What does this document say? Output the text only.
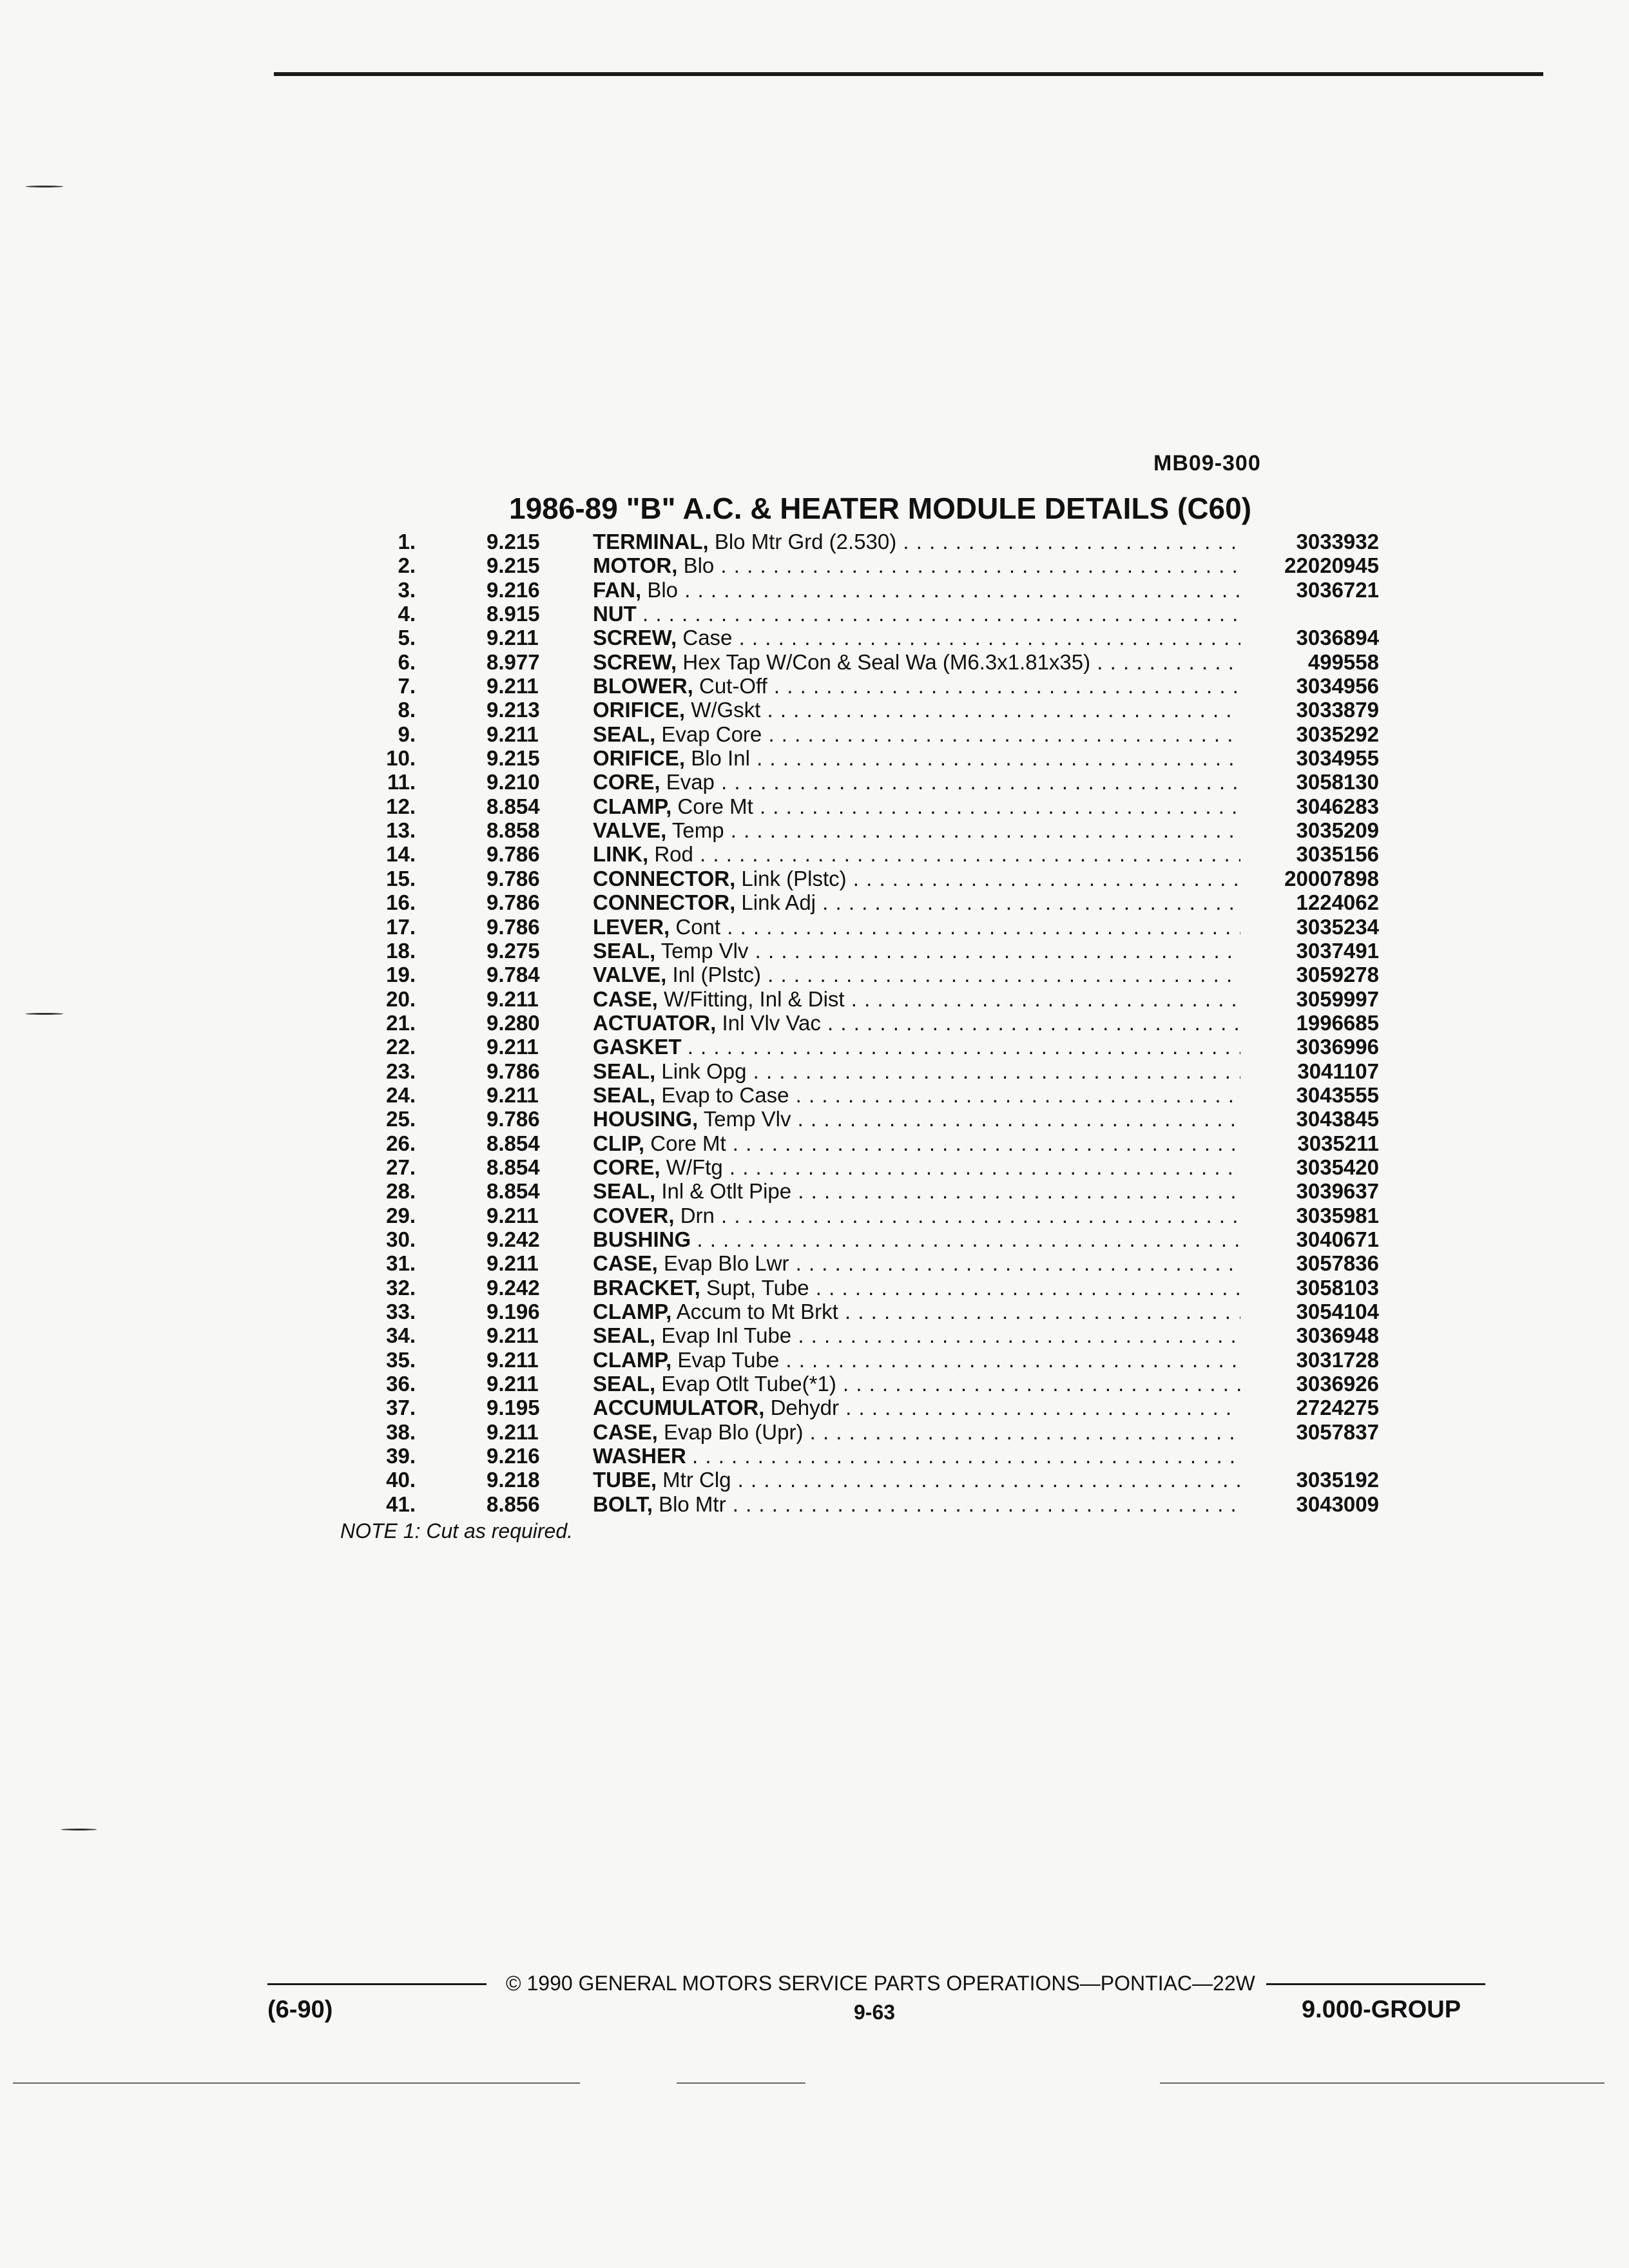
MB09-300
1986-89 "B" A.C. & HEATER MODULE DETAILS (C60)
1.	9.215	TERMINAL, Blo Mtr Grd (2.530) . . .	3033932
2.	9.215	MOTOR, Blo . . .	22020945
3.	9.216	FAN, Blo . . .	3036721
4.	8.915	NUT . . .
5.	9.211	SCREW, Case . . .	3036894
6.	8.977	SCREW, Hex Tap W/Con & Seal Wa (M6.3x1.81x35) . . .	499558
7.	9.211	BLOWER, Cut-Off . . .	3034956
8.	9.213	ORIFICE, W/Gskt . . .	3033879
9.	9.211	SEAL, Evap Core . . .	3035292
10.	9.215	ORIFICE, Blo Inl . . .	3034955
11.	9.210	CORE, Evap . . .	3058130
12.	8.854	CLAMP, Core Mt . . .	3046283
13.	8.858	VALVE, Temp . . .	3035209
14.	9.786	LINK, Rod . . .	3035156
15.	9.786	CONNECTOR, Link (Plstc) . . .	20007898
16.	9.786	CONNECTOR, Link Adj . . .	1224062
17.	9.786	LEVER, Cont . . .	3035234
18.	9.275	SEAL, Temp Vlv . . .	3037491
19.	9.784	VALVE, Inl (Plstc) . . .	3059278
20.	9.211	CASE, W/Fitting, Inl & Dist . . .	3059997
21.	9.280	ACTUATOR, Inl Vlv Vac . . .	1996685
22.	9.211	GASKET . . .	3036996
23.	9.786	SEAL, Link Opg . . .	3041107
24.	9.211	SEAL, Evap to Case . . .	3043555
25.	9.786	HOUSING, Temp Vlv . . .	3043845
26.	8.854	CLIP, Core Mt . . .	3035211
27.	8.854	CORE, W/Ftg . . .	3035420
28.	8.854	SEAL, Inl & Otlt Pipe . . .	3039637
29.	9.211	COVER, Drn . . .	3035981
30.	9.242	BUSHING . . .	3040671
31.	9.211	CASE, Evap Blo Lwr . . .	3057836
32.	9.242	BRACKET, Supt, Tube . . .	3058103
33.	9.196	CLAMP, Accum to Mt Brkt . . .	3054104
34.	9.211	SEAL, Evap Inl Tube . . .	3036948
35.	9.211	CLAMP, Evap Tube . . .	3031728
36.	9.211	SEAL, Evap Otlt Tube(*1) . . .	3036926
37.	9.195	ACCUMULATOR, Dehydr . . .	2724275
38.	9.211	CASE, Evap Blo (Upr) . . .	3057837
39.	9.216	WASHER . . .
40.	9.218	TUBE, Mtr Clg . . .	3035192
41.	8.856	BOLT, Blo Mtr . . .	3043009
NOTE 1: Cut as required.
© 1990 GENERAL MOTORS SERVICE PARTS OPERATIONS—PONTIAC—22W
(6-90)	9-63	9.000-GROUP
